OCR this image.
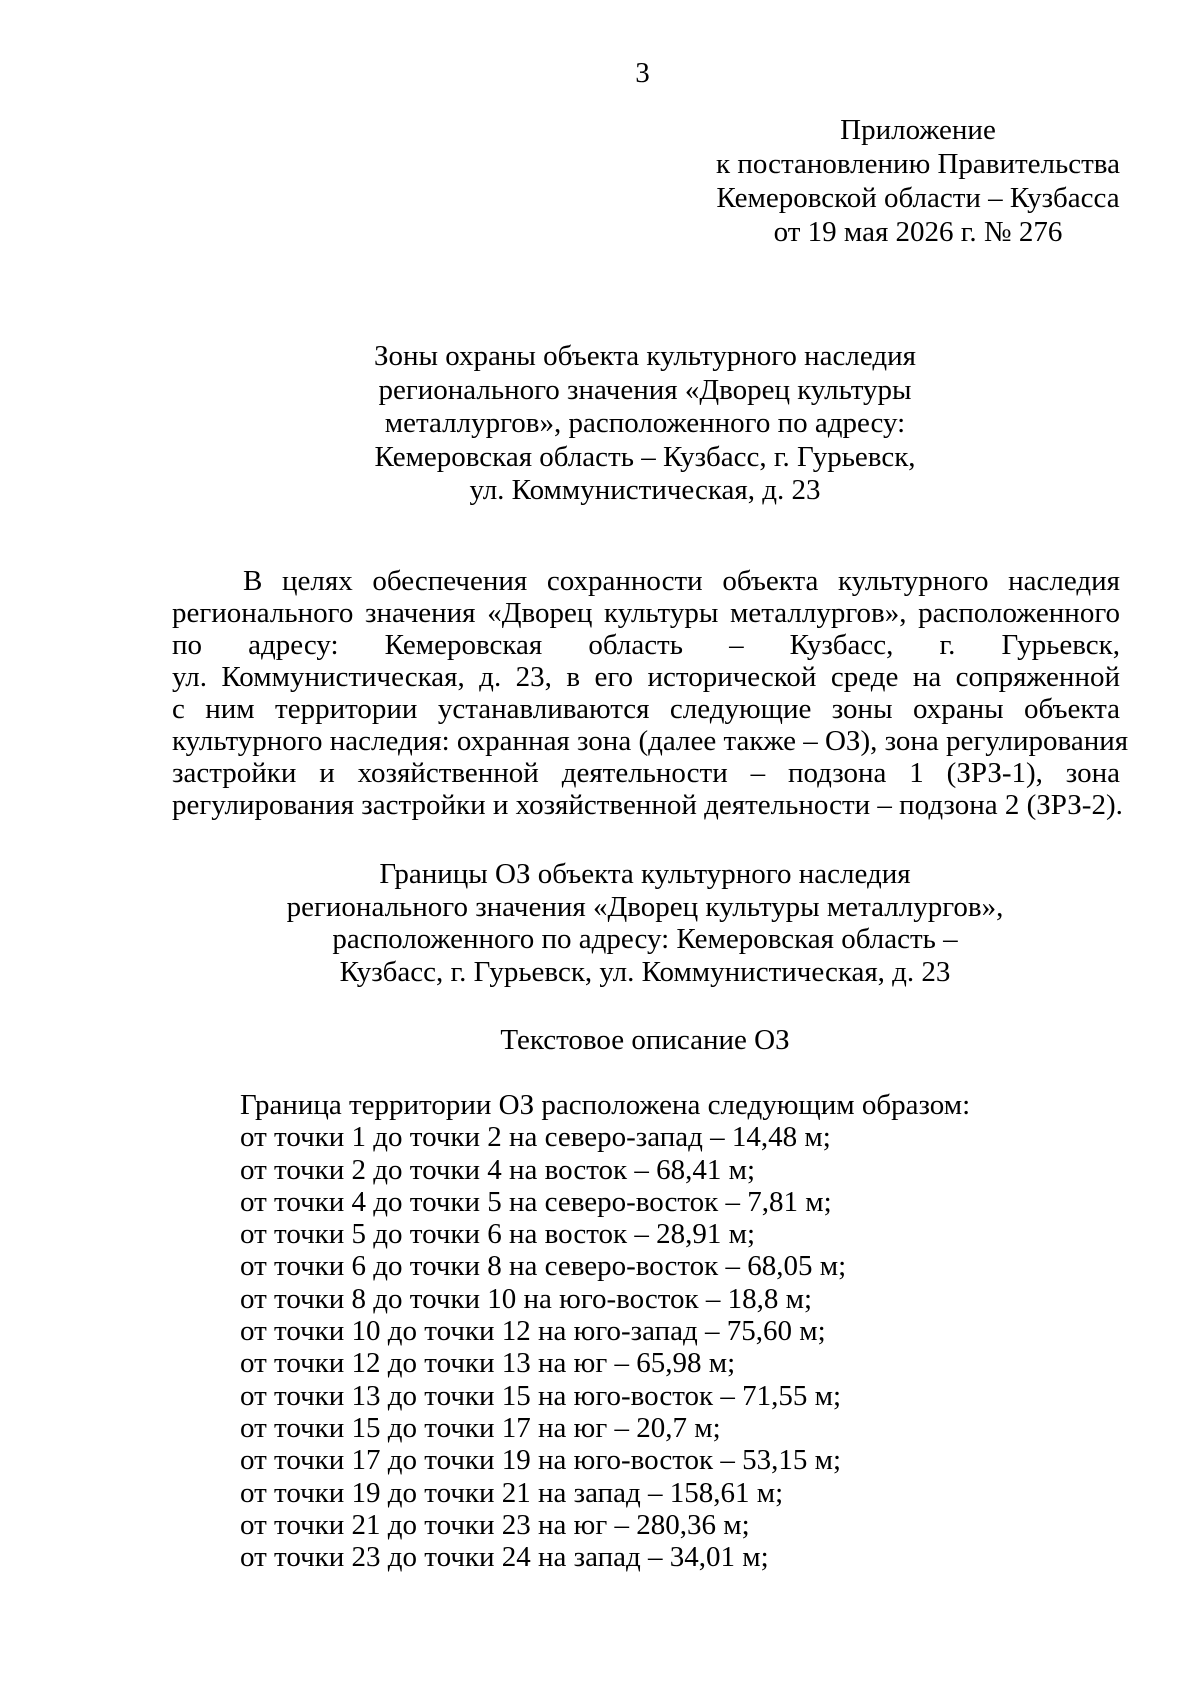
3
Приложение
к постановлению Правительства
Кемеровской области – Кузбасса
от 19 мая 2026 г. № 276
Зоны охраны объекта культурного наследия
регионального значения «Дворец культуры
металлургов», расположенного по адресу:
Кемеровская область – Кузбасс, г. Гурьевск,
ул. Коммунистическая, д. 23
В целях обеспечения сохранности объекта культурного наследия
регионального значения «Дворец культуры металлургов», расположенного
по адресу: Кемеровская область – Кузбасс, г. Гурьевск,
ул. Коммунистическая, д. 23, в его исторической среде на сопряженной
с ним территории устанавливаются следующие зоны охраны объекта
культурного наследия: охранная зона (далее также – ОЗ), зона регулирования
застройки и хозяйственной деятельности – подзона 1 (ЗРЗ-1), зона
регулирования застройки и хозяйственной деятельности – подзона 2 (ЗРЗ-2).
Границы ОЗ объекта культурного наследия
регионального значения «Дворец культуры металлургов»,
расположенного по адресу: Кемеровская область –
Кузбасс, г. Гурьевск, ул. Коммунистическая, д. 23
Текстовое описание ОЗ
Граница территории ОЗ расположена следующим образом:
от точки 1 до точки 2 на северо-запад – 14,48 м;
от точки 2 до точки 4 на восток – 68,41 м;
от точки 4 до точки 5 на северо-восток – 7,81 м;
от точки 5 до точки 6 на восток – 28,91 м;
от точки 6 до точки 8 на северо-восток – 68,05 м;
от точки 8 до точки 10 на юго-восток – 18,8 м;
от точки 10 до точки 12 на юго-запад – 75,60 м;
от точки 12 до точки 13 на юг – 65,98 м;
от точки 13 до точки 15 на юго-восток – 71,55 м;
от точки 15 до точки 17 на юг – 20,7 м;
от точки 17 до точки 19 на юго-восток – 53,15 м;
от точки 19 до точки 21 на запад – 158,61 м;
от точки 21 до точки 23 на юг – 280,36 м;
от точки 23 до точки 24 на запад – 34,01 м;
